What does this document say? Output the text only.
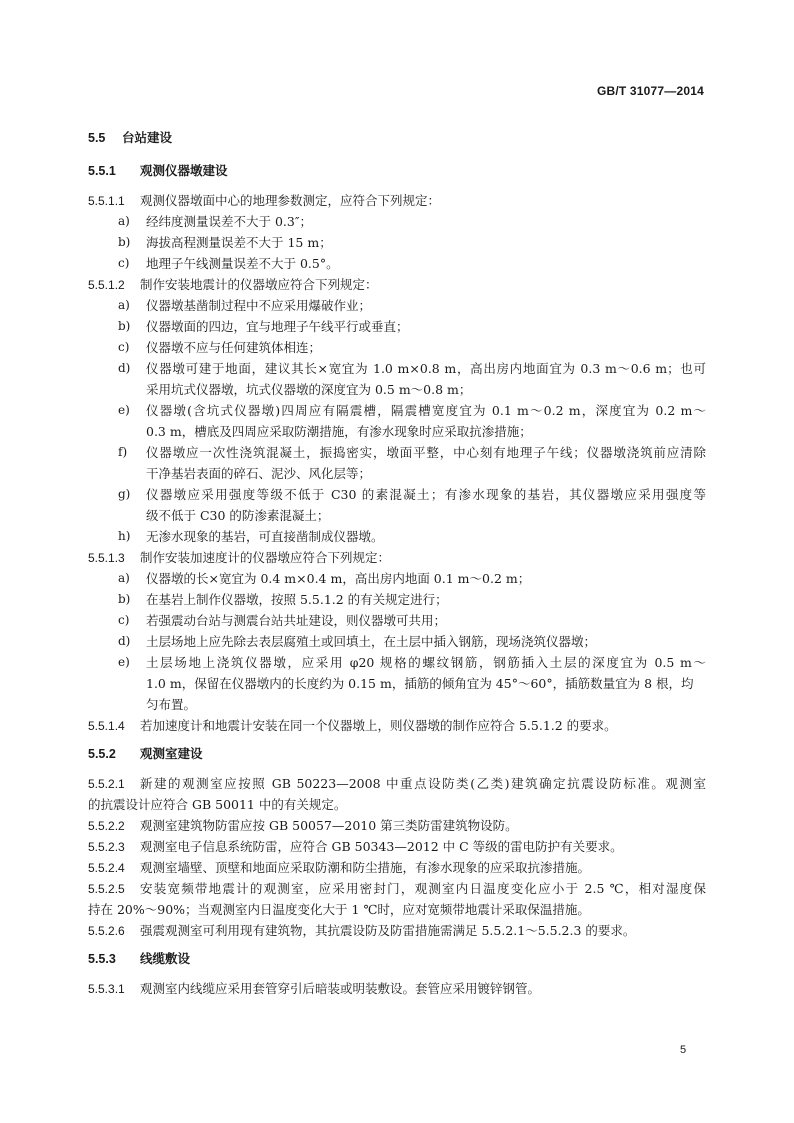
GB/T 31077—2014
5.5 台站建设
5.5.1 观测仪器墩建设
5.5.1.1	观测仪器墩面中心的地理参数测定，应符合下列规定：
a)	经纬度测量误差不大于 0.3″；
b)	海拔高程测量误差不大于 15 m；
c)	地理子午线测量误差不大于 0.5°。
5.5.1.2	制作安装地震计的仪器墩应符合下列规定：
a)	仪器墩基凿制过程中不应采用爆破作业；
b)	仪器墩面的四边，宜与地理子午线平行或垂直；
c)	仪器墩不应与任何建筑体相连；
d)	仪器墩可建于地面，建议其长×宽宜为 1.0 m×0.8 m，高出房内地面宜为 0.3 m～0.6 m；也可
采用坑式仪器墩，坑式仪器墩的深度宜为 0.5 m～0.8 m；
e)	仪器墩(含坑式仪器墩)四周应有隔震槽，隔震槽宽度宜为 0.1 m～0.2 m，深度宜为 0.2 m～
0.3 m，槽底及四周应采取防潮措施，有渗水现象时应采取抗渗措施；
f)	仪器墩应一次性浇筑混凝土，振捣密实，墩面平整，中心刻有地理子午线；仪器墩浇筑前应清除
干净基岩表面的碎石、泥沙、风化层等；
g)	仪器墩应采用强度等级不低于 C30 的素混凝土；有渗水现象的基岩，其仪器墩应采用强度等
级不低于 C30 的防渗素混凝土；
h)	无渗水现象的基岩，可直接凿制成仪器墩。
5.5.1.3	制作安装加速度计的仪器墩应符合下列规定：
a)	仪器墩的长×宽宜为 0.4 m×0.4 m，高出房内地面 0.1 m～0.2 m；
b)	在基岩上制作仪器墩，按照 5.5.1.2 的有关规定进行；
c)	若强震动台站与测震台站共址建设，则仪器墩可共用；
d)	土层场地上应先除去表层腐殖土或回填土，在土层中插入钢筋，现场浇筑仪器墩；
e)	土层场地上浇筑仪器墩，应采用 φ20 规格的螺纹钢筋，钢筋插入土层的深度宜为 0.5 m～
1.0 m，保留在仪器墩内的长度约为 0.15 m，插筋的倾角宜为 45°～60°，插筋数量宜为 8 根，均
匀布置。
5.5.1.4	若加速度计和地震计安装在同一个仪器墩上，则仪器墩的制作应符合 5.5.1.2 的要求。
5.5.2 观测室建设
5.5.2.1	新建的观测室应按照 GB 50223—2008 中重点设防类(乙类)建筑确定抗震设防标准。观测室
的抗震设计应符合 GB 50011 中的有关规定。
5.5.2.2	观测室建筑物防雷应按 GB 50057—2010 第三类防雷建筑物设防。
5.5.2.3	观测室电子信息系统防雷，应符合 GB 50343—2012 中 C 等级的雷电防护有关要求。
5.5.2.4	观测室墙壁、顶壁和地面应采取防潮和防尘措施，有渗水现象的应采取抗渗措施。
5.5.2.5	安装宽频带地震计的观测室，应采用密封门，观测室内日温度变化应小于 2.5 ℃，相对湿度保
持在 20%～90%；当观测室内日温度变化大于 1 ℃时，应对宽频带地震计采取保温措施。
5.5.2.6	强震观测室可利用现有建筑物，其抗震设防及防雷措施需满足 5.5.2.1～5.5.2.3 的要求。
5.5.3 线缆敷设
5.5.3.1	观测室内线缆应采用套管穿引后暗装或明装敷设。套管应采用镀锌钢管。
5
